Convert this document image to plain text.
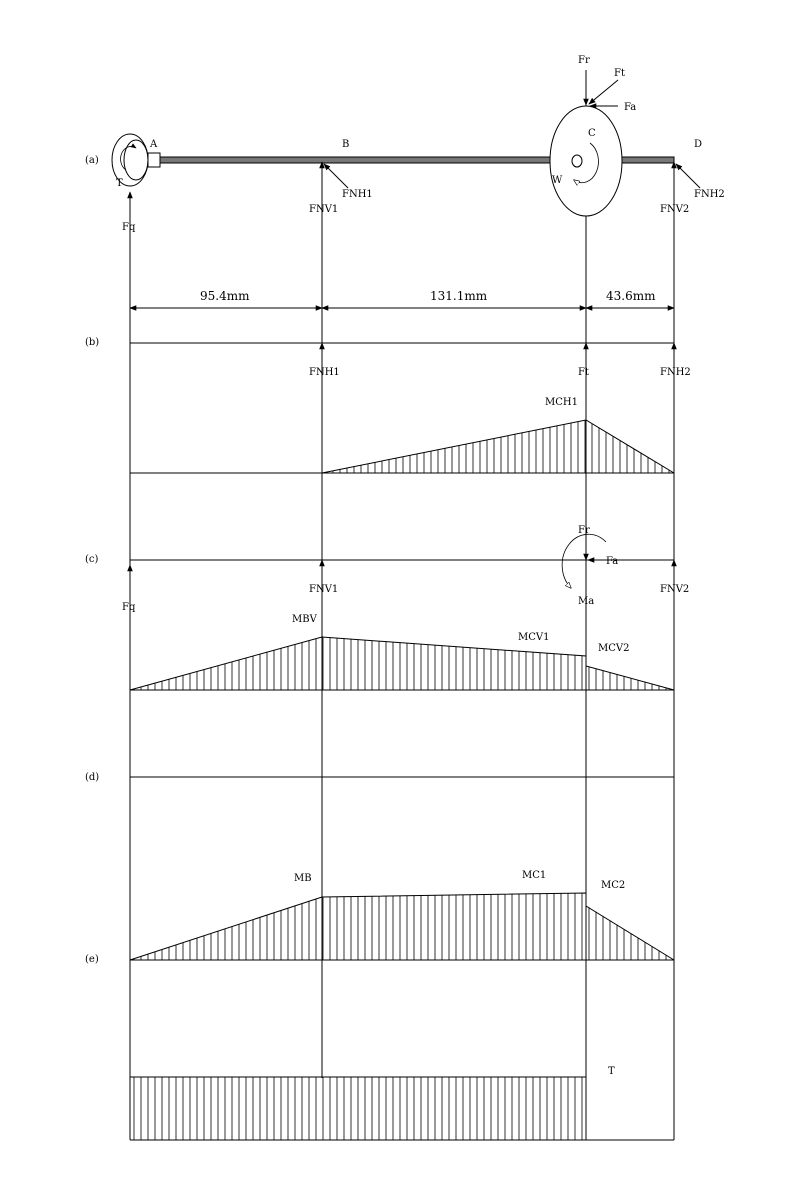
(a)
(b)
(c)
(d)
(e)
A	B
C
D
T	W
Fr
Ft
Fa
Fq
FNH1
FNV1
FNH2
FNV2
95.4mm	131.1mm	43.6mm
FNH1	Ft	FNH2
MCH1
Fq
FNV1	FNV2
Fr
Fa
Ma
MBV
MCV1
MCV2
MB	MC1
MC2
T
